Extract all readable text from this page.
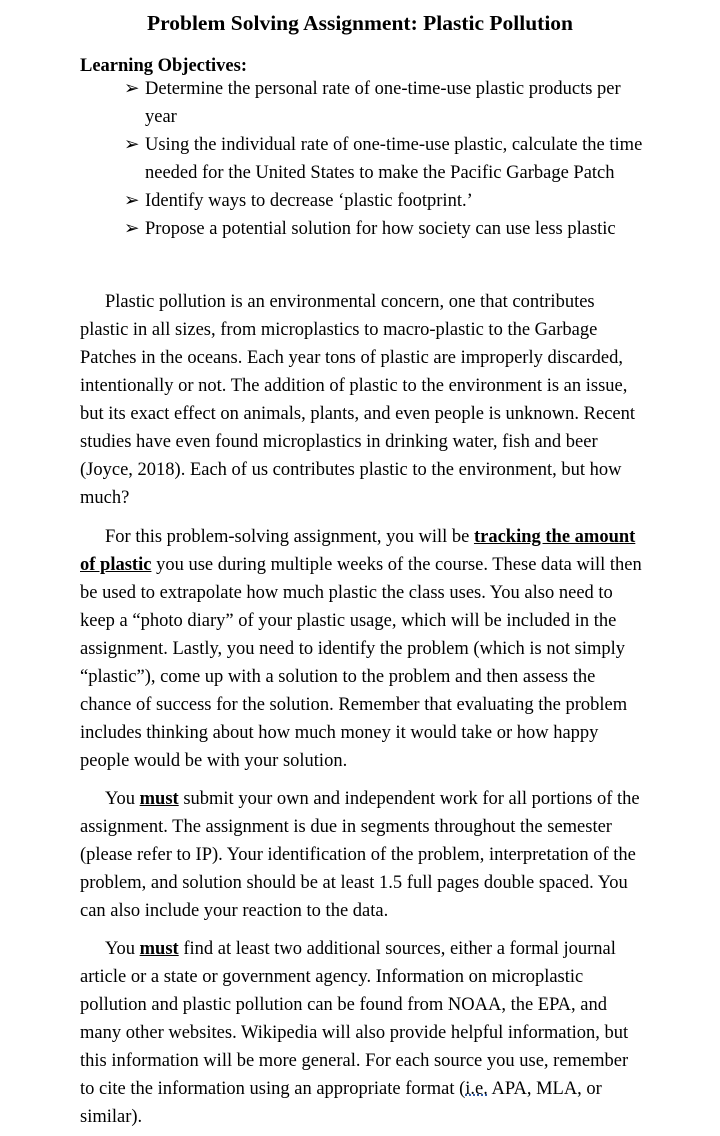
Problem Solving Assignment: Plastic Pollution
Learning Objectives:
➢ Determine the personal rate of one-time-use plastic products per year
➢ Using the individual rate of one-time-use plastic, calculate the time needed for the United States to make the Pacific Garbage Patch
➢ Identify ways to decrease ‘plastic footprint.’
➢ Propose a potential solution for how society can use less plastic

Plastic pollution is an environmental concern, one that contributes plastic in all sizes, from microplastics to macro-plastic to the Garbage Patches in the oceans. Each year tons of plastic are improperly discarded, intentionally or not. The addition of plastic to the environment is an issue, but its exact effect on animals, plants, and even people is unknown. Recent studies have even found microplastics in drinking water, fish and beer (Joyce, 2018). Each of us contributes plastic to the environment, but how much?

For this problem-solving assignment, you will be tracking the amount of plastic you use during multiple weeks of the course. These data will then be used to extrapolate how much plastic the class uses. You also need to keep a “photo diary” of your plastic usage, which will be included in the assignment. Lastly, you need to identify the problem (which is not simply “plastic”), come up with a solution to the problem and then assess the chance of success for the solution. Remember that evaluating the problem includes thinking about how much money it would take or how happy people would be with your solution.

You must submit your own and independent work for all portions of the assignment. The assignment is due in segments throughout the semester (please refer to IP). Your identification of the problem, interpretation of the problem, and solution should be at least 1.5 full pages double spaced. You can also include your reaction to the data.

You must find at least two additional sources, either a formal journal article or a state or government agency. Information on microplastic pollution and plastic pollution can be found from NOAA, the EPA, and many other websites. Wikipedia will also provide helpful information, but this information will be more general. For each source you use, remember to cite the information using an appropriate format (i.e. APA, MLA, or similar).
